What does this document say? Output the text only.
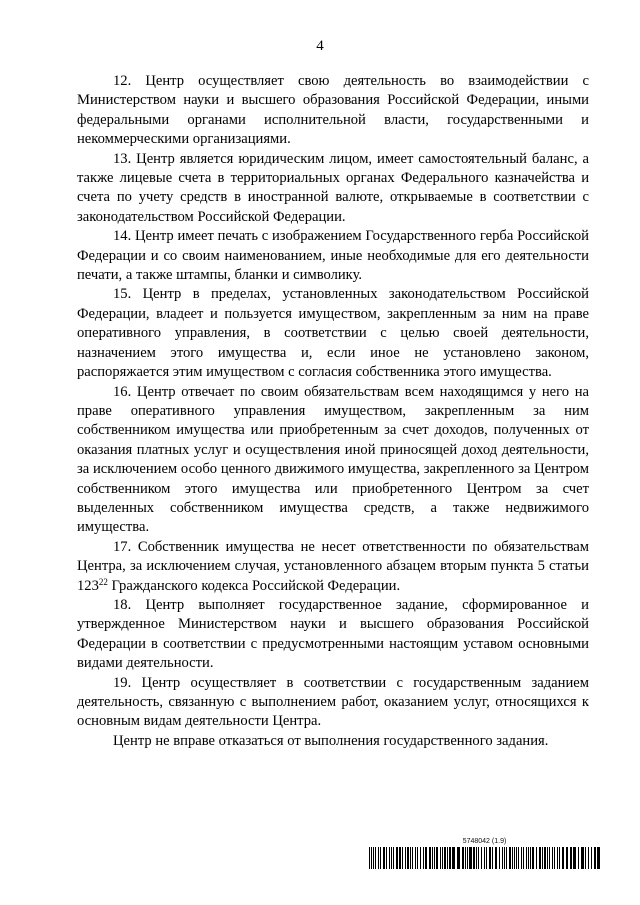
4

12. Центр осуществляет свою деятельность во взаимодействии с Министерством науки и высшего образования Российской Федерации, иными федеральными органами исполнительной власти, государственными и некоммерческими организациями.

13. Центр является юридическим лицом, имеет самостоятельный баланс, а также лицевые счета в территориальных органах Федерального казначейства и счета по учету средств в иностранной валюте, открываемые в соответствии с законодательством Российской Федерации.

14. Центр имеет печать с изображением Государственного герба Российской Федерации и со своим наименованием, иные необходимые для его деятельности печати, а также штампы, бланки и символику.

15. Центр в пределах, установленных законодательством Российской Федерации, владеет и пользуется имуществом, закрепленным за ним на праве оперативного управления, в соответствии с целью своей деятельности, назначением этого имущества и, если иное не установлено законом, распоряжается этим имуществом с согласия собственника этого имущества.

16. Центр отвечает по своим обязательствам всем находящимся у него на праве оперативного управления имуществом, закрепленным за ним собственником имущества или приобретенным за счет доходов, полученных от оказания платных услуг и осуществления иной приносящей доход деятельности, за исключением особо ценного движимого имущества, закрепленного за Центром собственником этого имущества или приобретенного Центром за счет выделенных собственником имущества средств, а также недвижимого имущества.

17. Собственник имущества не несет ответственности по обязательствам Центра, за исключением случая, установленного абзацем вторым пункта 5 статьи $123^{22}$ Гражданского кодекса Российской Федерации.

18. Центр выполняет государственное задание, сформированное и утвержденное Министерством науки и высшего образования Российской Федерации в соответствии с предусмотренными настоящим уставом основными видами деятельности.

19. Центр осуществляет в соответствии с государственным заданием деятельность, связанную с выполнением работ, оказанием услуг, относящихся к основным видам деятельности Центра.

Центр не вправе отказаться от выполнения государственного задания.

5748042 (1.9)
